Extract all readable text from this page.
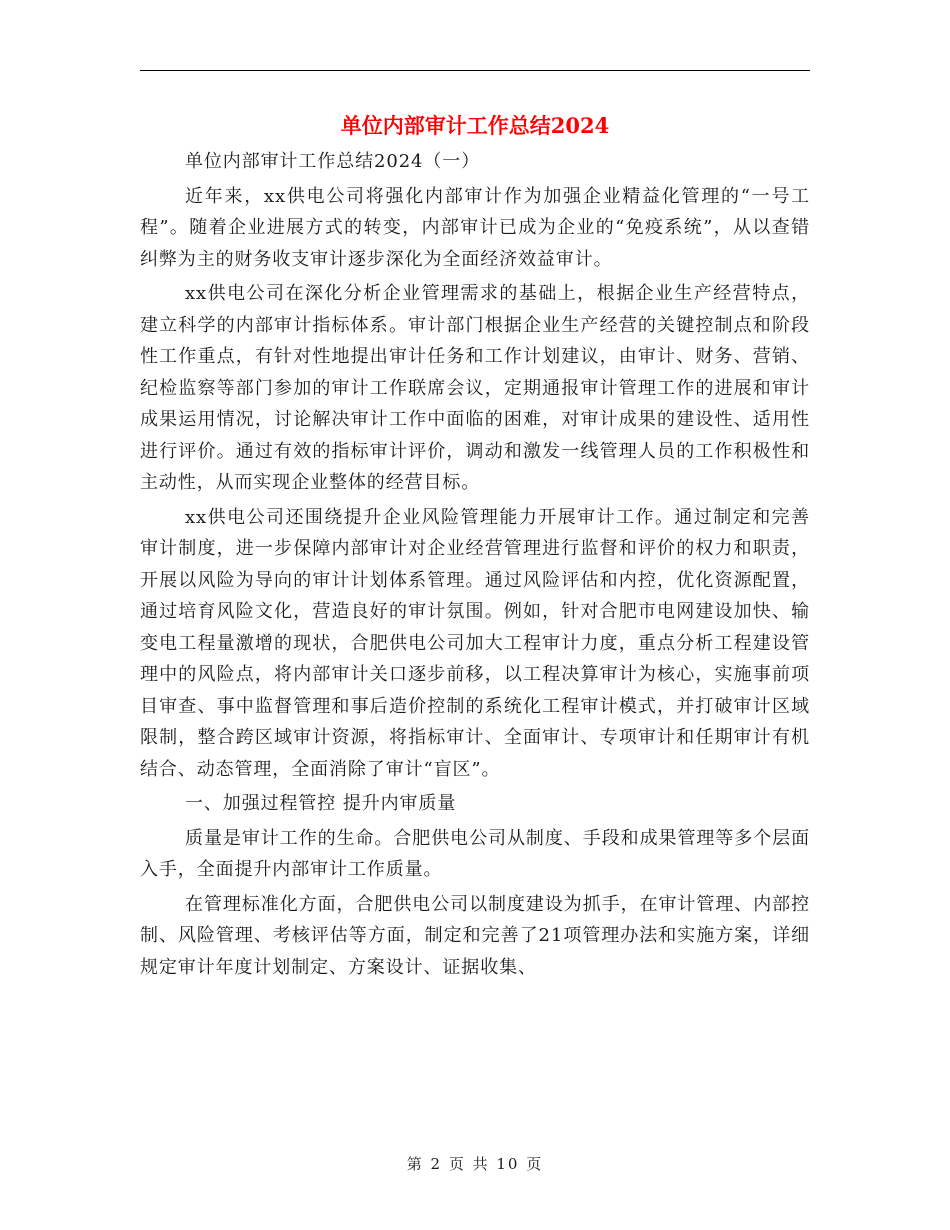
单位内部审计工作总结2024

单位内部审计工作总结2024（一）

近年来，xx供电公司将强化内部审计作为加强企业精益化管理的“一号工程”。随着企业进展方式的转变，内部审计已成为企业的“免疫系统”，从以查错纠弊为主的财务收支审计逐步深化为全面经济效益审计。

xx供电公司在深化分析企业管理需求的基础上，根据企业生产经营特点，建立科学的内部审计指标体系。审计部门根据企业生产经营的关键控制点和阶段性工作重点，有针对性地提出审计任务和工作计划建议，由审计、财务、营销、纪检监察等部门参加的审计工作联席会议，定期通报审计管理工作的进展和审计成果运用情况，讨论解决审计工作中面临的困难，对审计成果的建设性、适用性进行评价。通过有效的指标审计评价，调动和激发一线管理人员的工作积极性和主动性，从而实现企业整体的经营目标。

xx供电公司还围绕提升企业风险管理能力开展审计工作。通过制定和完善审计制度，进一步保障内部审计对企业经营管理进行监督和评价的权力和职责，开展以风险为导向的审计计划体系管理。通过风险评估和内控，优化资源配置，通过培育风险文化，营造良好的审计氛围。例如，针对合肥市电网建设加快、输变电工程量激增的现状，合肥供电公司加大工程审计力度，重点分析工程建设管理中的风险点，将内部审计关口逐步前移，以工程决算审计为核心，实施事前项目审查、事中监督管理和事后造价控制的系统化工程审计模式，并打破审计区域限制，整合跨区域审计资源，将指标审计、全面审计、专项审计和任期审计有机结合、动态管理，全面消除了审计“盲区”。

一、加强过程管控 提升内审质量

质量是审计工作的生命。合肥供电公司从制度、手段和成果管理等多个层面入手，全面提升内部审计工作质量。

在管理标准化方面，合肥供电公司以制度建设为抓手，在审计管理、内部控制、风险管理、考核评估等方面，制定和完善了21项管理办法和实施方案，详细规定审计年度计划制定、方案设计、证据收集、

第 2 页 共 10 页
